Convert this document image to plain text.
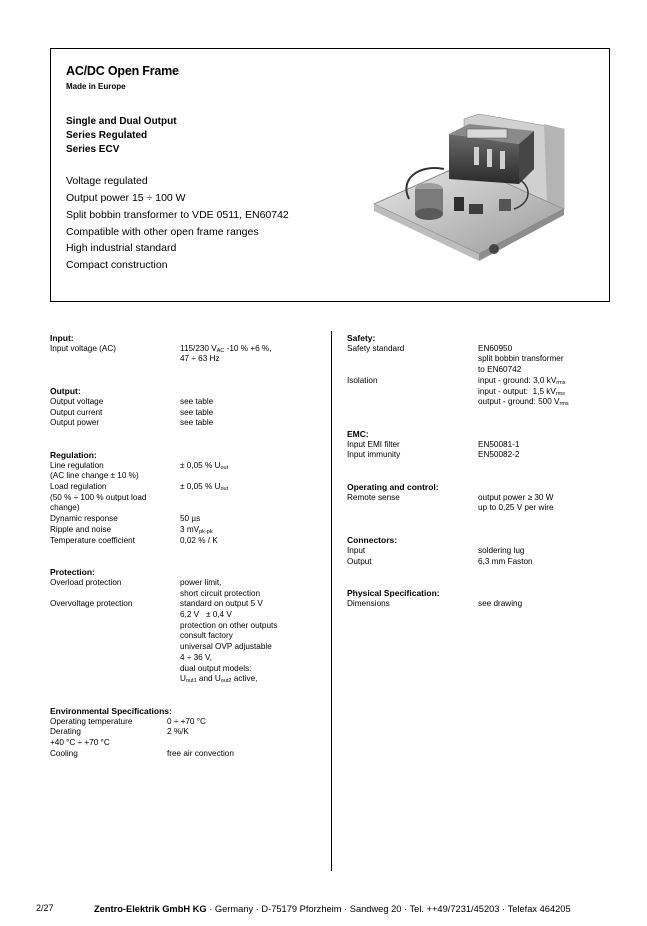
AC/DC Open Frame
Made in Europe
Single and Dual Output
Series Regulated
Series ECV
Voltage regulated
Output power 15 ÷ 100 W
Split bobbin transformer to VDE 0511, EN60742
Compatible with other open frame ranges
High industrial standard
Compact construction
Input:
Input voltage (AC)	115/230 $V_{AC}$ -10 % +6 %,
47 ÷ 63 Hz
Output:
Output voltage	see table
Output current	see table
Output power	see table
Regulation:
Line regulation	± 0,05 % $U_{out}$
(AC line change ± 10 %)
Load regulation	± 0,05 % $U_{out}$
(50 % ÷ 100 % output load
change)
Dynamic response	50 µs
Ripple and noise	3 $mV_{pk-pk}$
Temperature coefficient	0,02 % / K
Protection:
Overload protection	power limit,
short circuit protection
Overvoltage protection	standard on output 5 V
6,2 V   ± 0,4 V
protection on other outputs
consult factory
universal OVP adjustable
4 ÷ 36 V,
dual output models:
$U_{out1}$ and $U_{out2}$ active,
Environmental Specifications:
Operating temperature	0 ÷ +70 °C
Derating	2 %/K
+40 °C ÷ +70 °C
Cooling	free air convection
Safety:
Safety standard	EN60950
split bobbin transformer
to EN60742
Isolation	input - ground: 3,0 $kV_{rms}$
input - output:  1,5 $kV_{rms}$
output - ground: 500 $V_{rms}$
EMC:
Input EMI filter	EN50081-1
Input immunity	EN50082-2
Operating and control:
Remote sense	output power ≥ 30 W
up to 0,25 V per wire
Connectors:
Input	soldering lug
Output	6,3 mm Faston
Physical Specification:
Dimensions	see drawing
2/27	Zentro-Elektrik GmbH KG · Germany · D-75179 Pforzheim · Sandweg 20 · Tel. ++49/7231/45203 · Telefax 464205
